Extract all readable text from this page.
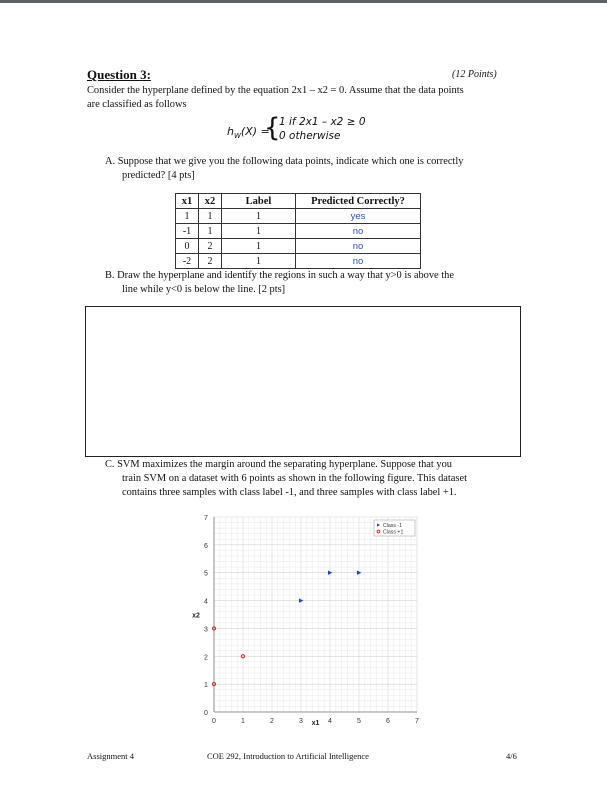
Question 3:	(12 Points)
Consider the hyperplane defined by the equation 2x1 – x2 = 0. Assume that the data points
are classified as follows
$h_W(X)$ =
{
1 if 2x1 – x2 ≥ 0
0 otherwise
A. Suppose that we give you the following data points, indicate which one is correctly
predicted? [4 pts]
x1	x2	Label	Predicted Correctly?
1	1	1	yes
-1	1	1	no
0	2	1	no
-2	2	1	no
B. Draw the hyperplane and identify the regions in such a way that y>0 is above the
line while y<0 is below the line. [2 pts]
C. SVM maximizes the margin around the separating hyperplane. Suppose that you
train SVM on a dataset with 6 points as shown in the following figure. This dataset
contains three samples with class label -1, and three samples with class label +1.
0	1	2	3	4	5	6	7
0
1
2
3
4
5
6
7
x1
x2
Class -1
Class +1
Assignment 4	COE 292, Introduction to Artificial Intelligence	4/6
